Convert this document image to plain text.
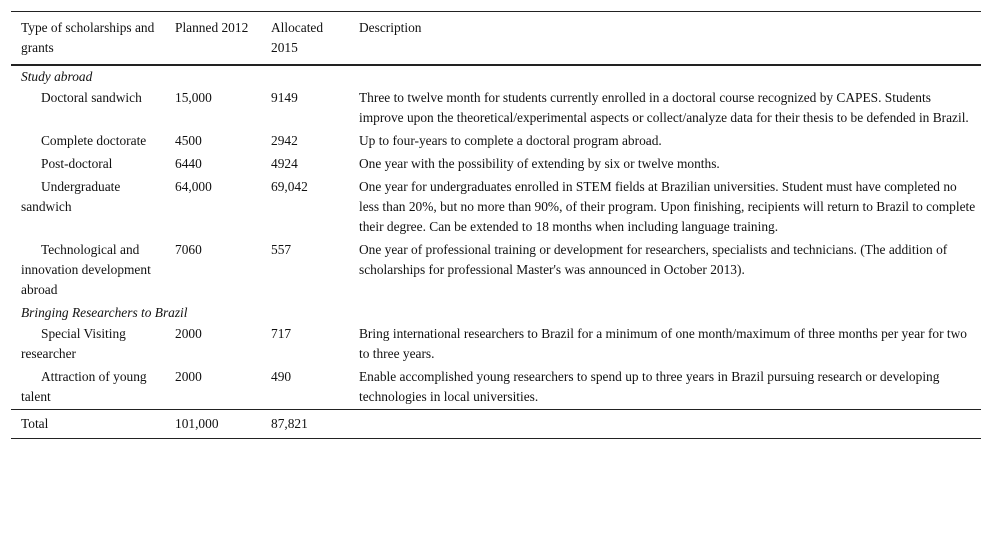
Type of scholarships and grants	Planned 2012	Allocated 2015	Description
Study abroad			
Doctoral sandwich	15,000	9149	Three to twelve month for students currently enrolled in a doctoral course recognized by CAPES. Students improve upon the theoretical/experimental aspects or collect/analyze data for their thesis to be defended in Brazil.
Complete doctorate	4500	2942	Up to four-years to complete a doctoral program abroad.
Post-doctoral	6440	4924	One year with the possibility of extending by six or twelve months.
Undergraduate sandwich	64,000	69,042	One year for undergraduates enrolled in STEM fields at Brazilian universities. Student must have completed no less than 20%, but no more than 90%, of their program. Upon finishing, recipients will return to Brazil to complete their degree. Can be extended to 18 months when including language training.
Technological and innovation development abroad	7060	557	One year of professional training or development for researchers, specialists and technicians. (The addition of scholarships for professional Master's was announced in October 2013).
Bringing Researchers to Brazil			
Special Visiting researcher	2000	717	Bring international researchers to Brazil for a minimum of one month/maximum of three months per year for two to three years.
Attraction of young talent	2000	490	Enable accomplished young researchers to spend up to three years in Brazil pursuing research or developing technologies in local universities.
Total	101,000	87,821	
